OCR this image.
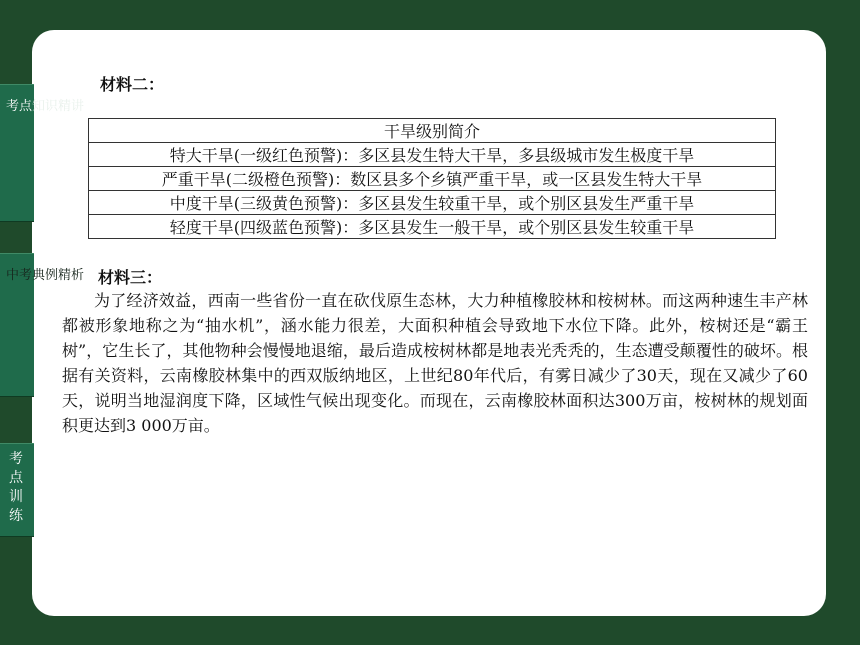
考点知识精讲
中考典例精析
考点训练
材料二：
干旱级别简介
特大干旱(一级红色预警)：多区县发生特大干旱，多县级城市发生极度干旱
严重干旱(二级橙色预警)：数区县多个乡镇严重干旱，或一区县发生特大干旱
中度干旱(三级黄色预警)：多区县发生较重干旱，或个别区县发生严重干旱
轻度干旱(四级蓝色预警)：多区县发生一般干旱，或个别区县发生较重干旱
材料三：

为了经济效益，西南一些省份一直在砍伐原生态林，大力种植橡胶林和桉树林。而这两种速生丰产林都被形象地称之为“抽水机”，涵水能力很差，大面积种植会导致地下水位下降。此外，桉树还是“霸王树”，它生长了，其他物种会慢慢地退缩，最后造成桉树林都是地表光秃秃的，生态遭受颠覆性的破坏。根据有关资料，云南橡胶林集中的西双版纳地区，上世纪80年代后，有雾日减少了30天，现在又减少了60天，说明当地湿润度下降，区域性气候出现变化。而现在，云南橡胶林面积达300万亩，桉树林的规划面积更达到3 000万亩。
